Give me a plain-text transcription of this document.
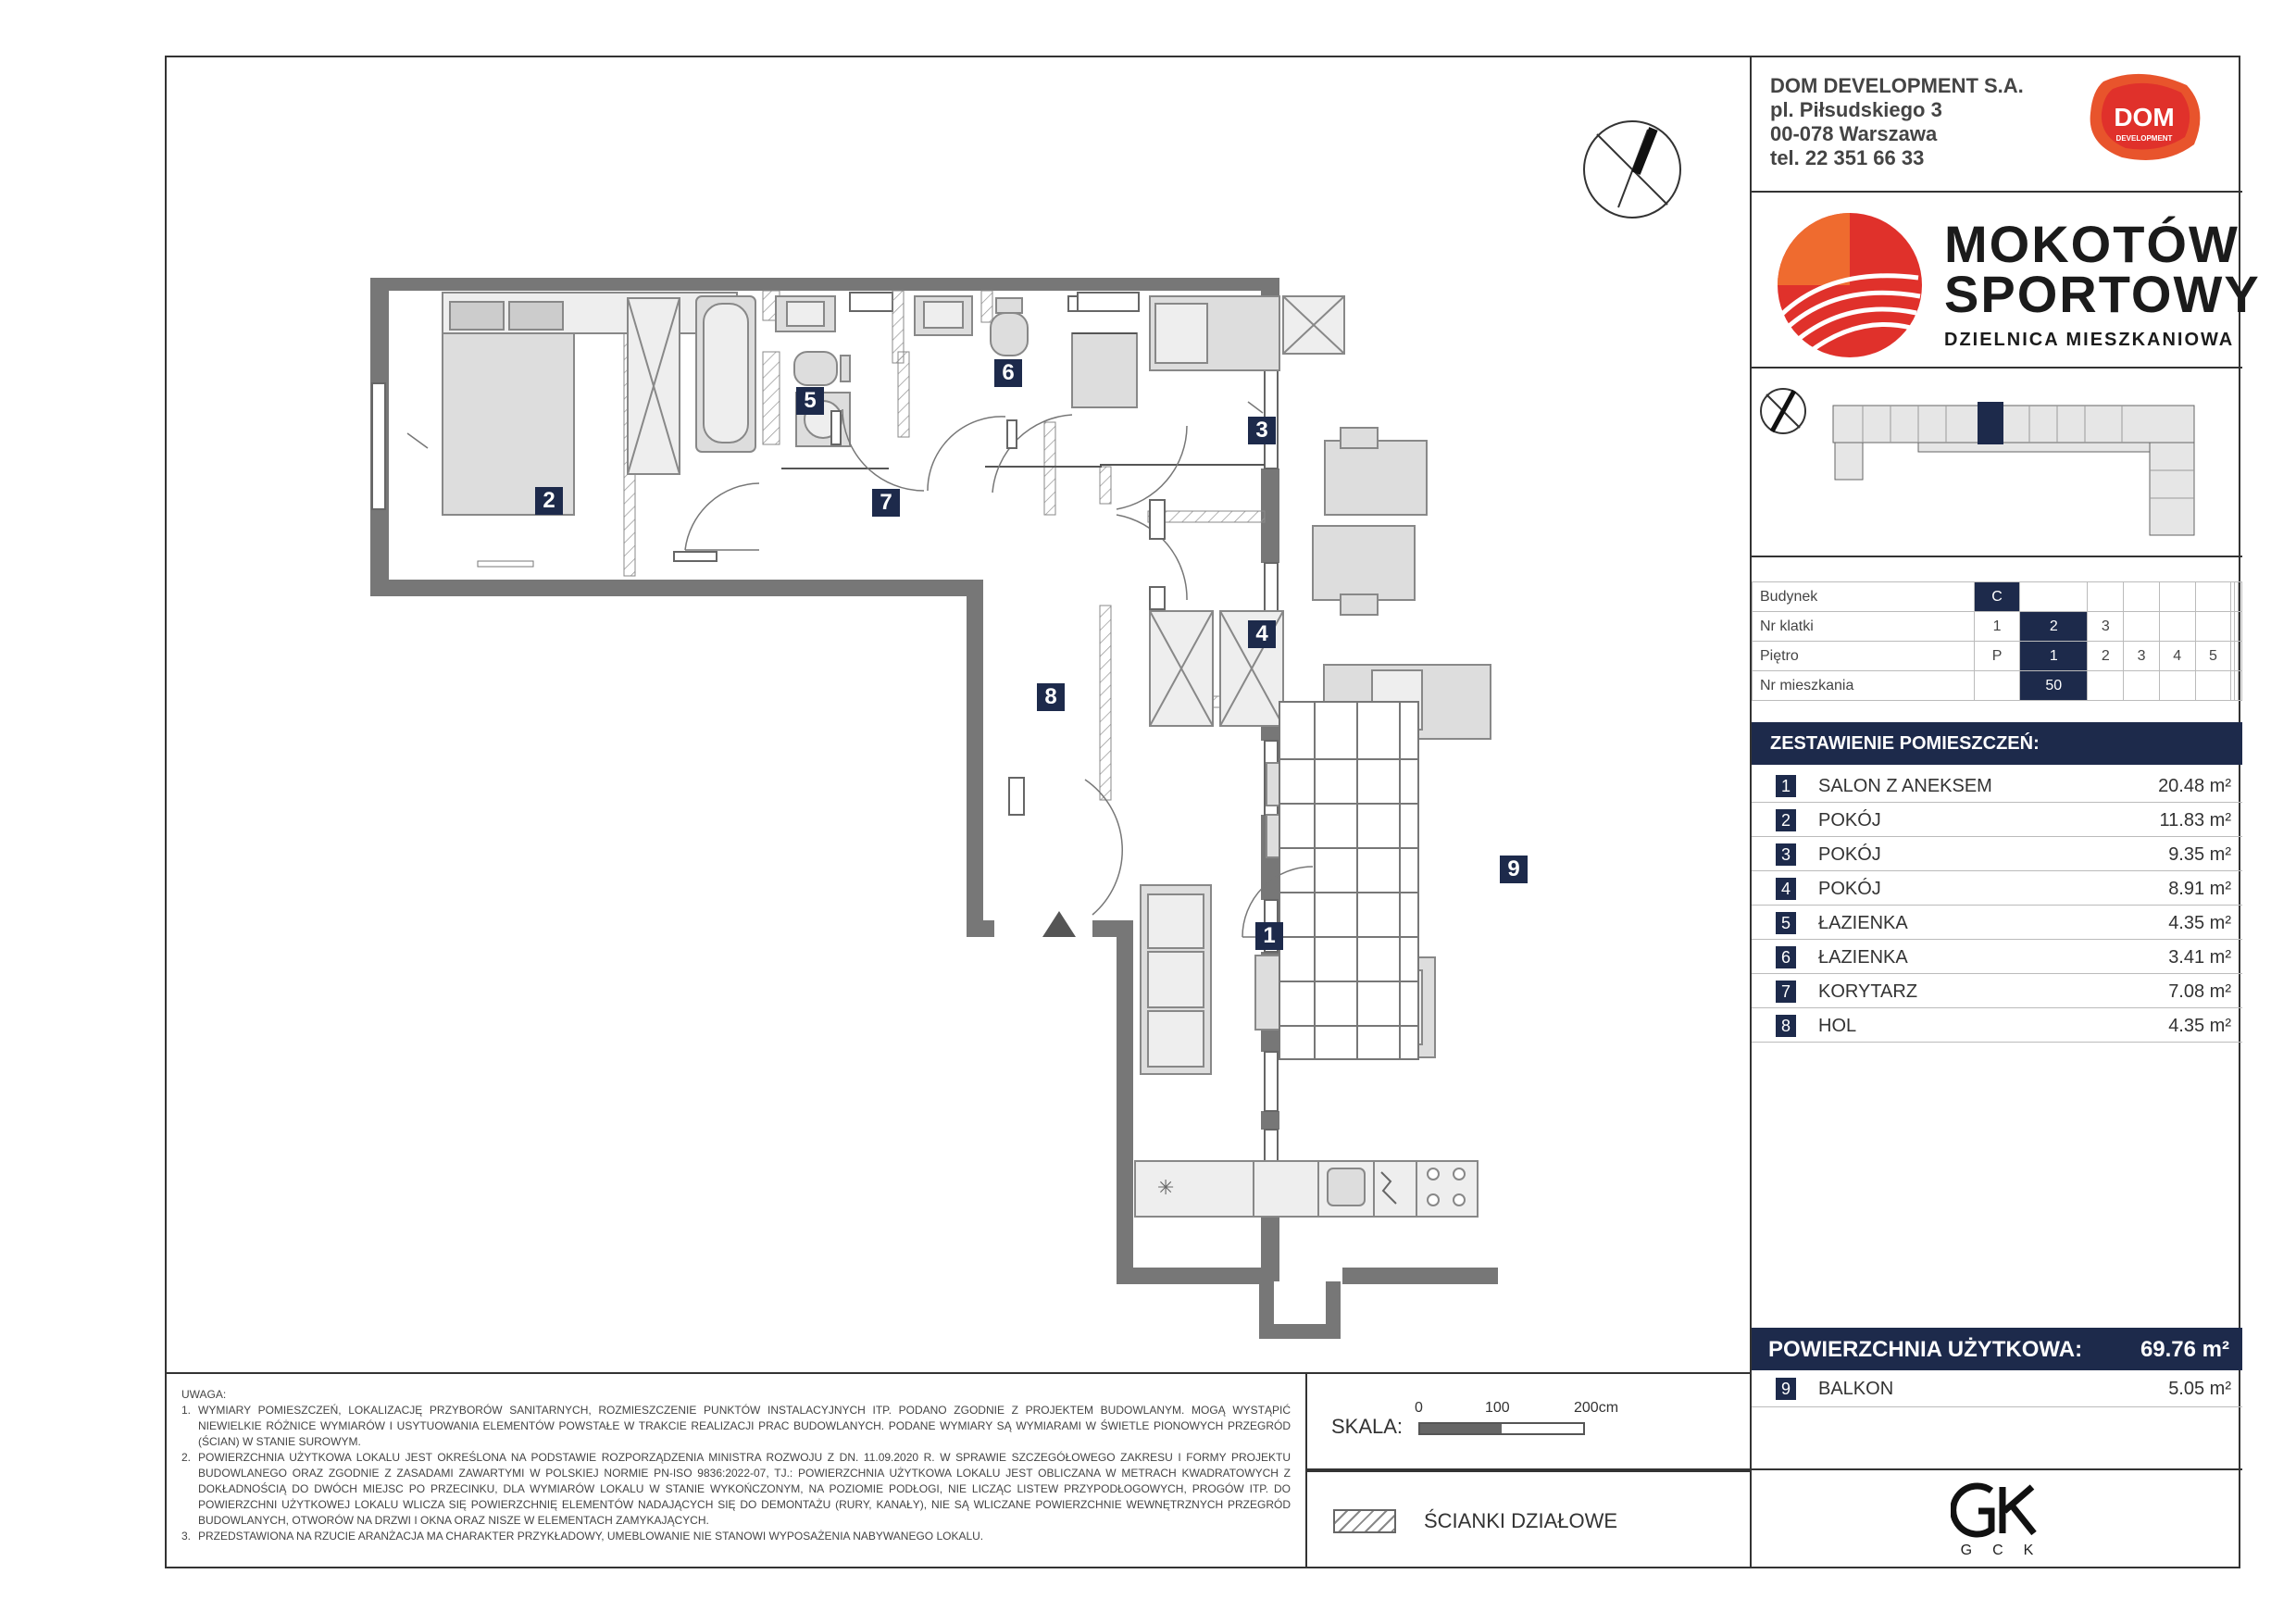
✳
1
2
3
4
5
6
7
8
9
UWAGA:
1. WYMIARY POMIESZCZEŃ, LOKALIZACJĘ PRZYBORÓW SANITARNYCH, ROZMIESZCZENIE PUNKTÓW INSTALACYJNYCH ITP. PODANO ZGODNIE Z PROJEKTEM BUDOWLANYM. MOGĄ WYSTĄPIĆ NIEWIELKIE RÓŻNICE WYMIARÓW I USYTUOWANIA ELEMENTÓW POWSTAŁE W TRAKCIE REALIZACJI PRAC BUDOWLANYCH. PODANE WYMIARY SĄ WYMIARAMI W ŚWIETLE PIONOWYCH PRZEGRÓD (ŚCIAN) W STANIE SUROWYM.
2. POWIERZCHNIA UŻYTKOWA LOKALU JEST OKREŚLONA NA PODSTAWIE ROZPORZĄDZENIA MINISTRA ROZWOJU Z DN. 11.09.2020 R. W SPRAWIE SZCZEGÓŁOWEGO ZAKRESU I FORMY PROJEKTU BUDOWLANEGO ORAZ ZGODNIE Z ZASADAMI ZAWARTYMI W POLSKIEJ NORMIE PN-ISO 9836:2022-07, TJ.: POWIERZCHNIA UŻYTKOWA LOKALU JEST OBLICZANA W METRACH KWADRATOWYCH Z DOKŁADNOŚCIĄ DO DWÓCH MIEJSC PO PRZECINKU, DLA WYMIARÓW LOKALU W STANIE WYKOŃCZONYM, NA POZIOMIE PODŁOGI, NIE LICZĄC LISTEW PRZYPODŁOGOWYCH, PROGÓW ITP. DO POWIERZCHNI UŻYTKOWEJ LOKALU WLICZA SIĘ POWIERZCHNIĘ ELEMENTÓW NADAJĄCYCH SIĘ DO DEMONTAŻU (RURY, KANAŁY), NIE SĄ WLICZANE POWIERZCHNIE WEWNĘTRZNYCH PRZEGRÓD BUDOWLANYCH, OTWORÓW NA DRZWI I OKNA ORAZ NISZE W ELEMENTACH ZAMYKAJĄCYCH.
3. PRZEDSTAWIONA NA RZUCIE ARANŻACJA MA CHARAKTER PRZYKŁADOWY, UMEBLOWANIE NIE STANOWI WYPOSAŻENIA NABYWANEGO LOKALU.
SKALA:
0	100	200cm
ŚCIANKI DZIAŁOWE
DOM DEVELOPMENT S.A.
pl. Piłsudskiego 3
00-078 Warszawa
tel. 22 351 66 33
DOM
DEVELOPMENT
MOKOTÓW
SPORTOWY
DZIELNICA MIESZKANIOWA
Budynek	C								
Nr klatki	1	2	3						
Piętro	P	1	2	3	4	5			
Nr mieszkania		50							
ZESTAWIENIE POMIESZCZEŃ:
1	SALON Z ANEKSEM	20.48 m²
2	POKÓJ	11.83 m²
3	POKÓJ	9.35 m²
4	POKÓJ	8.91 m²
5	ŁAZIENKA	4.35 m²
6	ŁAZIENKA	3.41 m²
7	KORYTARZ	7.08 m²
8	HOL	4.35 m²
POWIERZCHNIA UŻYTKOWA:	69.76 m²
9	BALKON	5.05 m²
GCK
